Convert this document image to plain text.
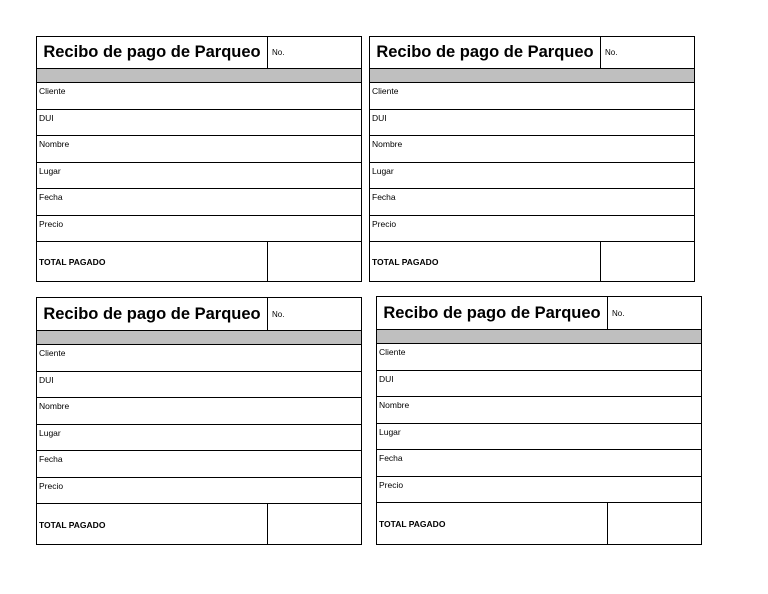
Recibo de pago de Parqueo	No.
Cliente
DUI
Nombre
Lugar
Fecha
Precio
TOTAL PAGADO
Recibo de pago de Parqueo	No.
Cliente
DUI
Nombre
Lugar
Fecha
Precio
TOTAL PAGADO
Recibo de pago de Parqueo	No.
Cliente
DUI
Nombre
Lugar
Fecha
Precio
TOTAL PAGADO
Recibo de pago de Parqueo	No.
Cliente
DUI
Nombre
Lugar
Fecha
Precio
TOTAL PAGADO
